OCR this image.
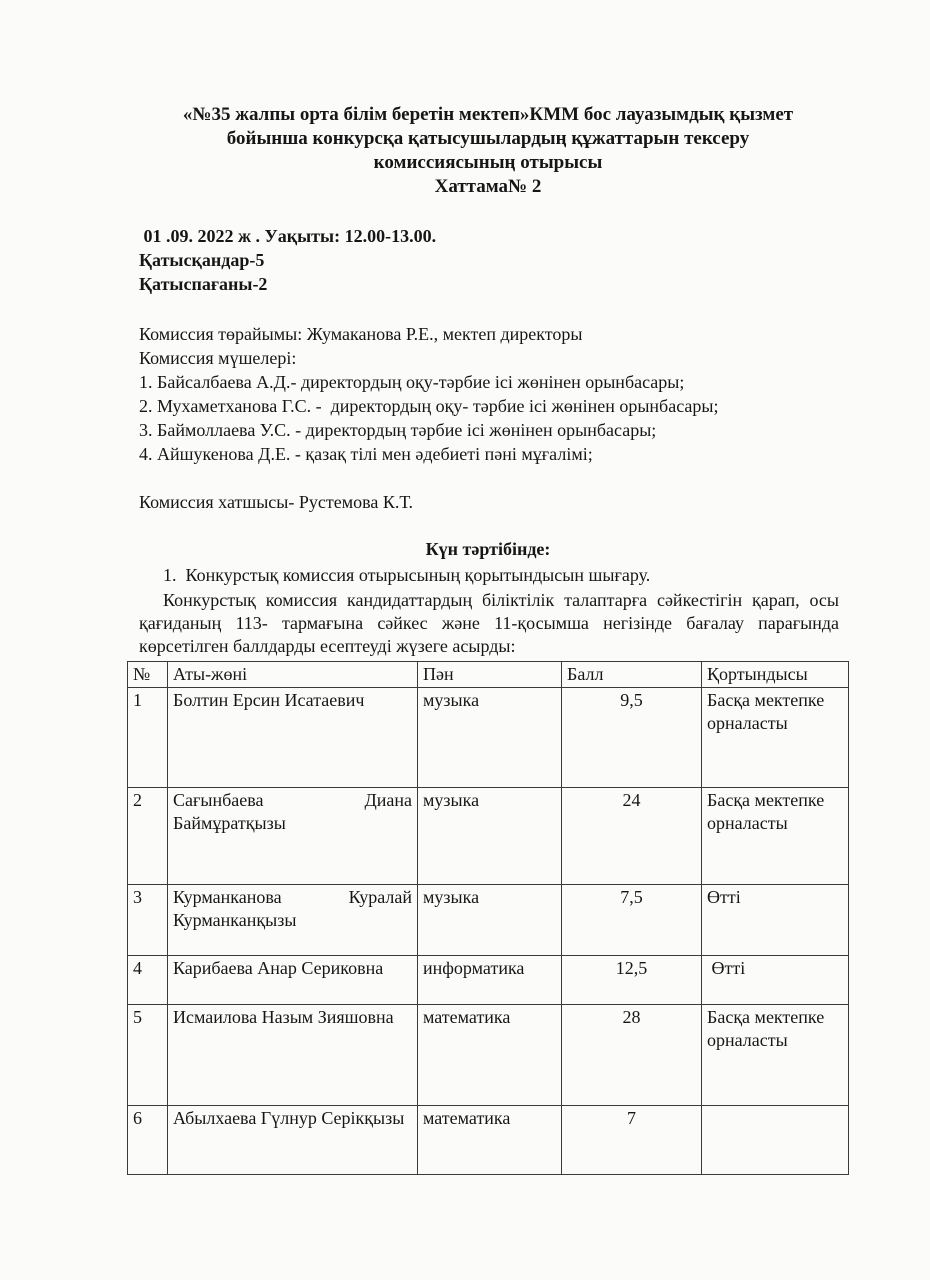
«№35 жалпы орта білім беретін мектеп»КММ бос лауазымдық қызмет
бойынша конкурсқа қатысушылардың құжаттарын тексеру
комиссиясының отырысы
Хаттама№ 2
01 .09. 2022 ж . Уақыты: 12.00-13.00.
Қатысқандар-5
Қатыспағаны-2
Комиссия төрайымы: Жумаканова Р.Е., мектеп директоры
Комиссия мүшелері:
1. Байсалбаева А.Д.- директордың оқу-тәрбие ісі жөнінен орынбасары;
2. Мухаметханова Г.С. -  директордың оқу- тәрбие ісі жөнінен орынбасары;
3. Баймоллаева У.С. - директордың тәрбие ісі жөнінен орынбасары;
4. Айшукенова Д.Е. - қазақ тілі мен әдебиеті пәні мұғалімі;
Комиссия хатшысы- Рустемова К.Т.
Күн тәртібінде:
1.  Конкурстық комиссия отырысының қорытындысын шығару.
Конкурстық комиссия кандидаттардың біліктілік талаптарға сәйкестігін қарап, осы қағиданың 113- тармағына сәйкес және 11-қосымша негізінде бағалау парағында көрсетілген баллдарды есептеуді жүзеге асырды:
№	Аты-жөні	Пән	Балл	Қортындысы
1	Болтин Ерсин Исатаевич	музыка	9,5	Басқа мектепке орналасты
2	Сағынбаева Диана Баймұратқызы	музыка	24	Басқа мектепке орналасты
3	Курманканова Куралай Курманканқызы	музыка	7,5	Өтті
4	Карибаева Анар Сериковна	информатика	12,5	Өтті
5	Исмаилова Назым Зияшовна	математика	28	Басқа мектепке орналасты
6	Абылхаева Гүлнур Серікқызы	математика	7	
